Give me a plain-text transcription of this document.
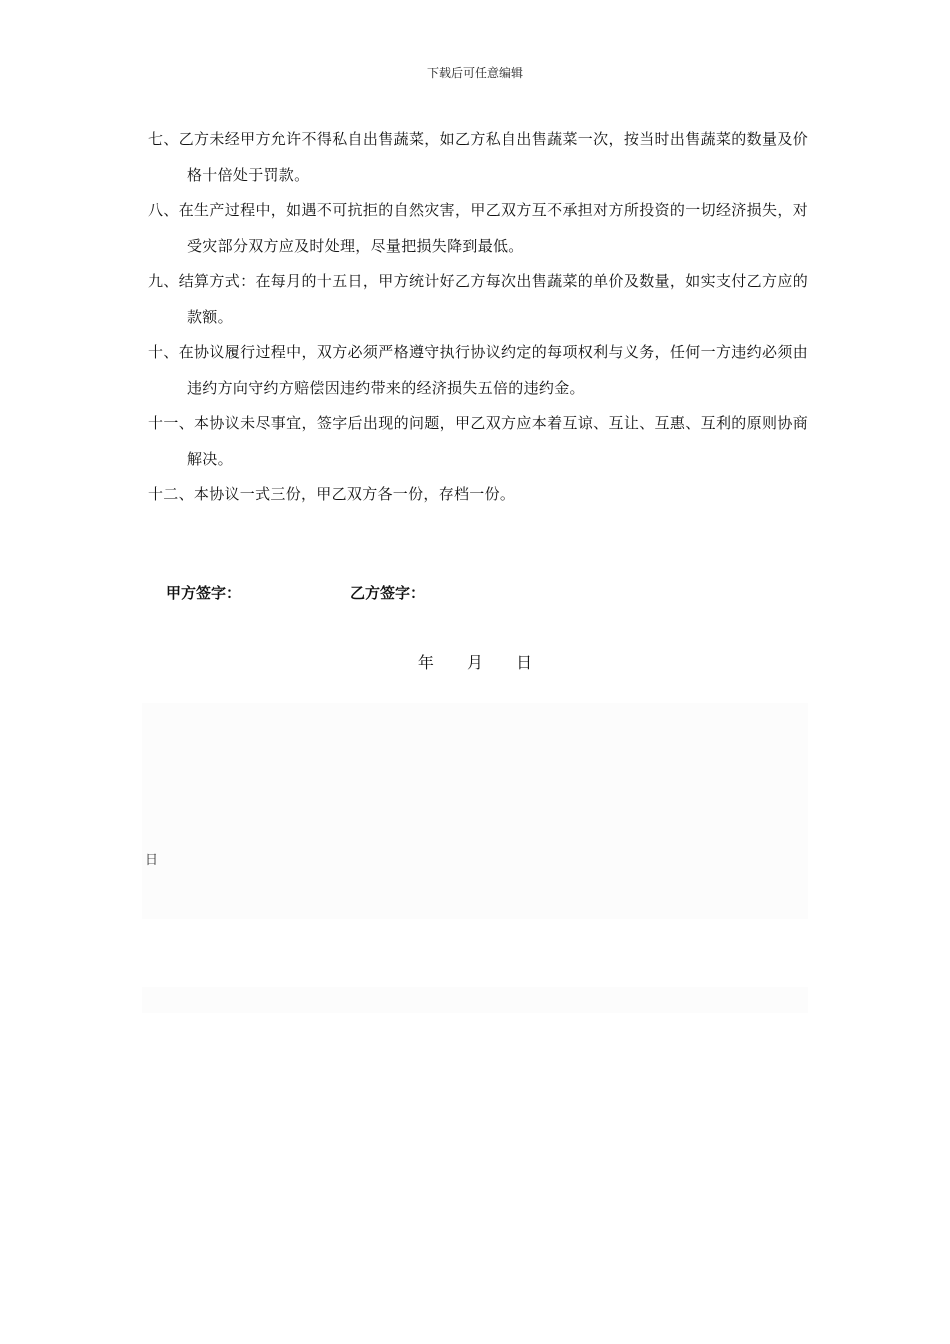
下载后可任意编辑
七、乙方未经甲方允许不得私自出售蔬菜，如乙方私自出售蔬菜一次，按当时出售蔬菜的数量及价格十倍处于罚款。
八、在生产过程中，如遇不可抗拒的自然灾害，甲乙双方互不承担对方所投资的一切经济损失，对受灾部分双方应及时处理，尽量把损失降到最低。
九、结算方式：在每月的十五日，甲方统计好乙方每次出售蔬菜的单价及数量，如实支付乙方应的款额。
十、在协议履行过程中，双方必须严格遵守执行协议约定的每项权利与义务，任何一方违约必须由违约方向守约方赔偿因违约带来的经济损失五倍的违约金。
十一、本协议未尽事宜，签字后出现的问题，甲乙双方应本着互谅、互让、互惠、互利的原则协商解决。
十二、本协议一式三份，甲乙双方各一份，存档一份。
甲方签字：	乙方签字：
年 月 日
日
